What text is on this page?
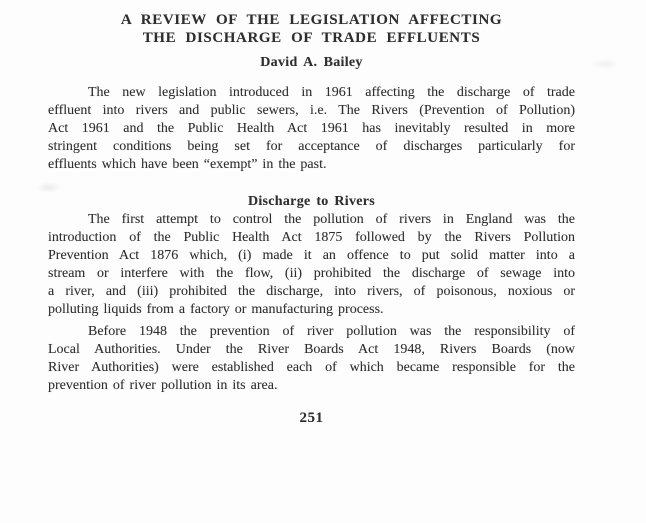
A REVIEW OF THE LEGISLATION AFFECTING
THE DISCHARGE OF TRADE EFFLUENTS
David A. Bailey
The new legislation introduced in 1961 affecting the discharge of trade
effluent into rivers and public sewers, i.e. The Rivers (Prevention of Pollution)
Act 1961 and the Public Health Act 1961 has inevitably resulted in more
stringent conditions being set for acceptance of discharges particularly for
effluents which have been “exempt” in the past.
Discharge to Rivers
The first attempt to control the pollution of rivers in England was the
introduction of the Public Health Act 1875 followed by the Rivers Pollution
Prevention Act 1876 which, (i) made it an offence to put solid matter into a
stream or interfere with the flow, (ii) prohibited the discharge of sewage into
a river, and (iii) prohibited the discharge, into rivers, of poisonous, noxious or
polluting liquids from a factory or manufacturing process.
Before 1948 the prevention of river pollution was the responsibility of
Local Authorities. Under the River Boards Act 1948, Rivers Boards (now
River Authorities) were established each of which became responsible for the
prevention of river pollution in its area.
251
